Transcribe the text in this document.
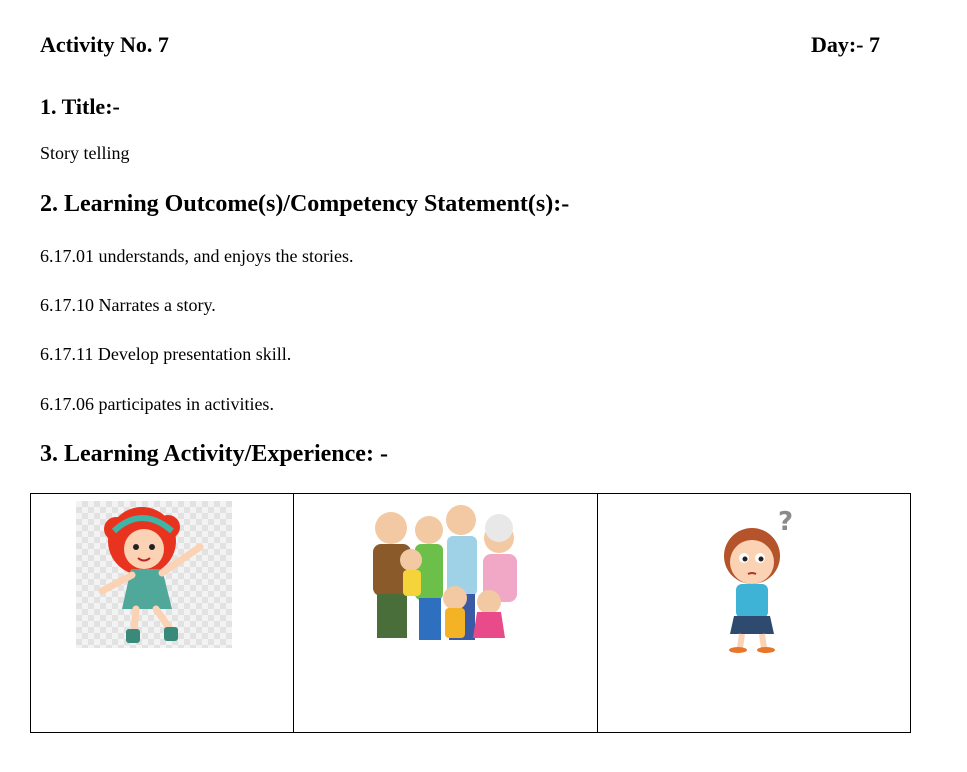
Activity No. 7	Day:- 7
1. Title:-
Story telling
2. Learning Outcome(s)/Competency Statement(s):-
6.17.01 understands, and enjoys the stories.
6.17.10 Narrates a story.
6.17.11 Develop presentation skill.
6.17.06 participates in activities.
3. Learning Activity/Experience: -
?
